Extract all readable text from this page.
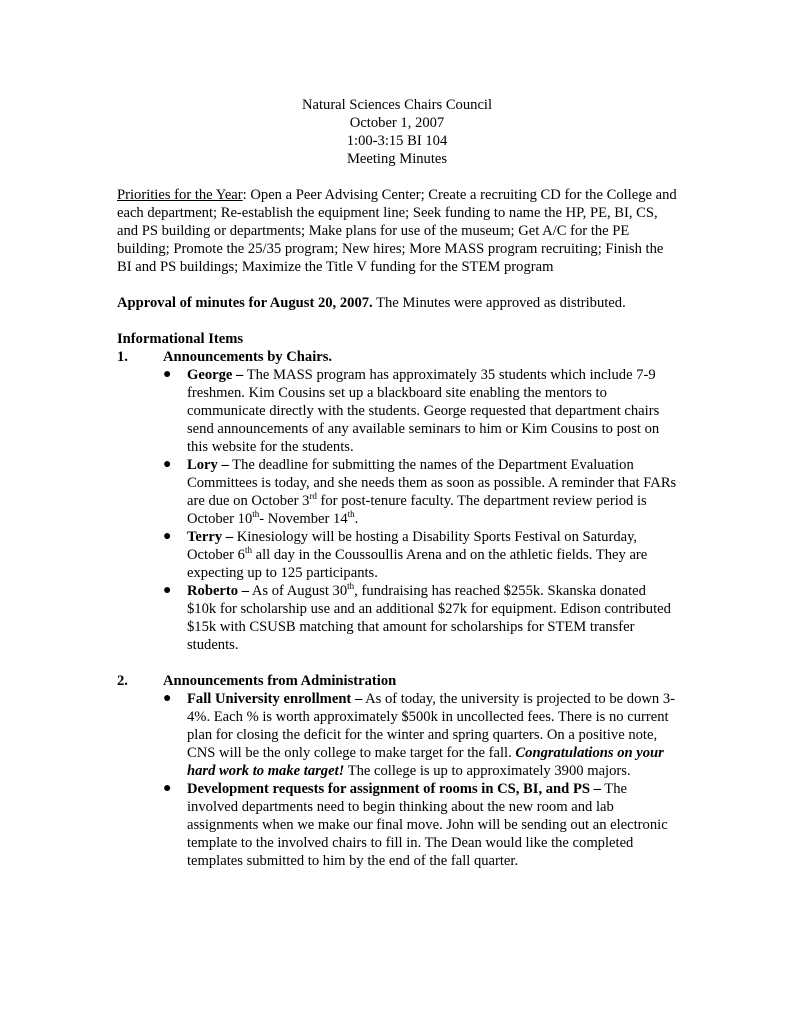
Natural Sciences Chairs Council
October 1, 2007
1:00-3:15 BI 104
Meeting Minutes
Priorities for the Year: Open a Peer Advising Center; Create a recruiting CD for the College and each department; Re-establish the equipment line; Seek funding to name the HP, PE, BI, CS, and PS building or departments; Make plans for use of the museum; Get A/C for the PE building; Promote the 25/35 program; New hires; More MASS program recruiting; Finish the BI and PS buildings; Maximize the Title V funding for the STEM program
Approval of minutes for August 20, 2007. The Minutes were approved as distributed.
Informational Items
1. Announcements by Chairs.
● George – The MASS program has approximately 35 students which include 7-9 freshmen. Kim Cousins set up a blackboard site enabling the mentors to communicate directly with the students. George requested that department chairs send announcements of any available seminars to him or Kim Cousins to post on this website for the students.
● Lory – The deadline for submitting the names of the Department Evaluation Committees is today, and she needs them as soon as possible. A reminder that FARs are due on October 3rd for post-tenure faculty. The department review period is October 10th- November 14th.
● Terry – Kinesiology will be hosting a Disability Sports Festival on Saturday, October 6th all day in the Coussoullis Arena and on the athletic fields. They are expecting up to 125 participants.
● Roberto – As of August 30th, fundraising has reached $255k. Skanska donated $10k for scholarship use and an additional $27k for equipment. Edison contributed $15k with CSUSB matching that amount for scholarships for STEM transfer students.
2. Announcements from Administration
● Fall University enrollment – As of today, the university is projected to be down 3-4%. Each % is worth approximately $500k in uncollected fees. There is no current plan for closing the deficit for the winter and spring quarters. On a positive note, CNS will be the only college to make target for the fall. Congratulations on your hard work to make target! The college is up to approximately 3900 majors.
● Development requests for assignment of rooms in CS, BI, and PS – The involved departments need to begin thinking about the new room and lab assignments when we make our final move. John will be sending out an electronic template to the involved chairs to fill in. The Dean would like the completed templates submitted to him by the end of the fall quarter.
